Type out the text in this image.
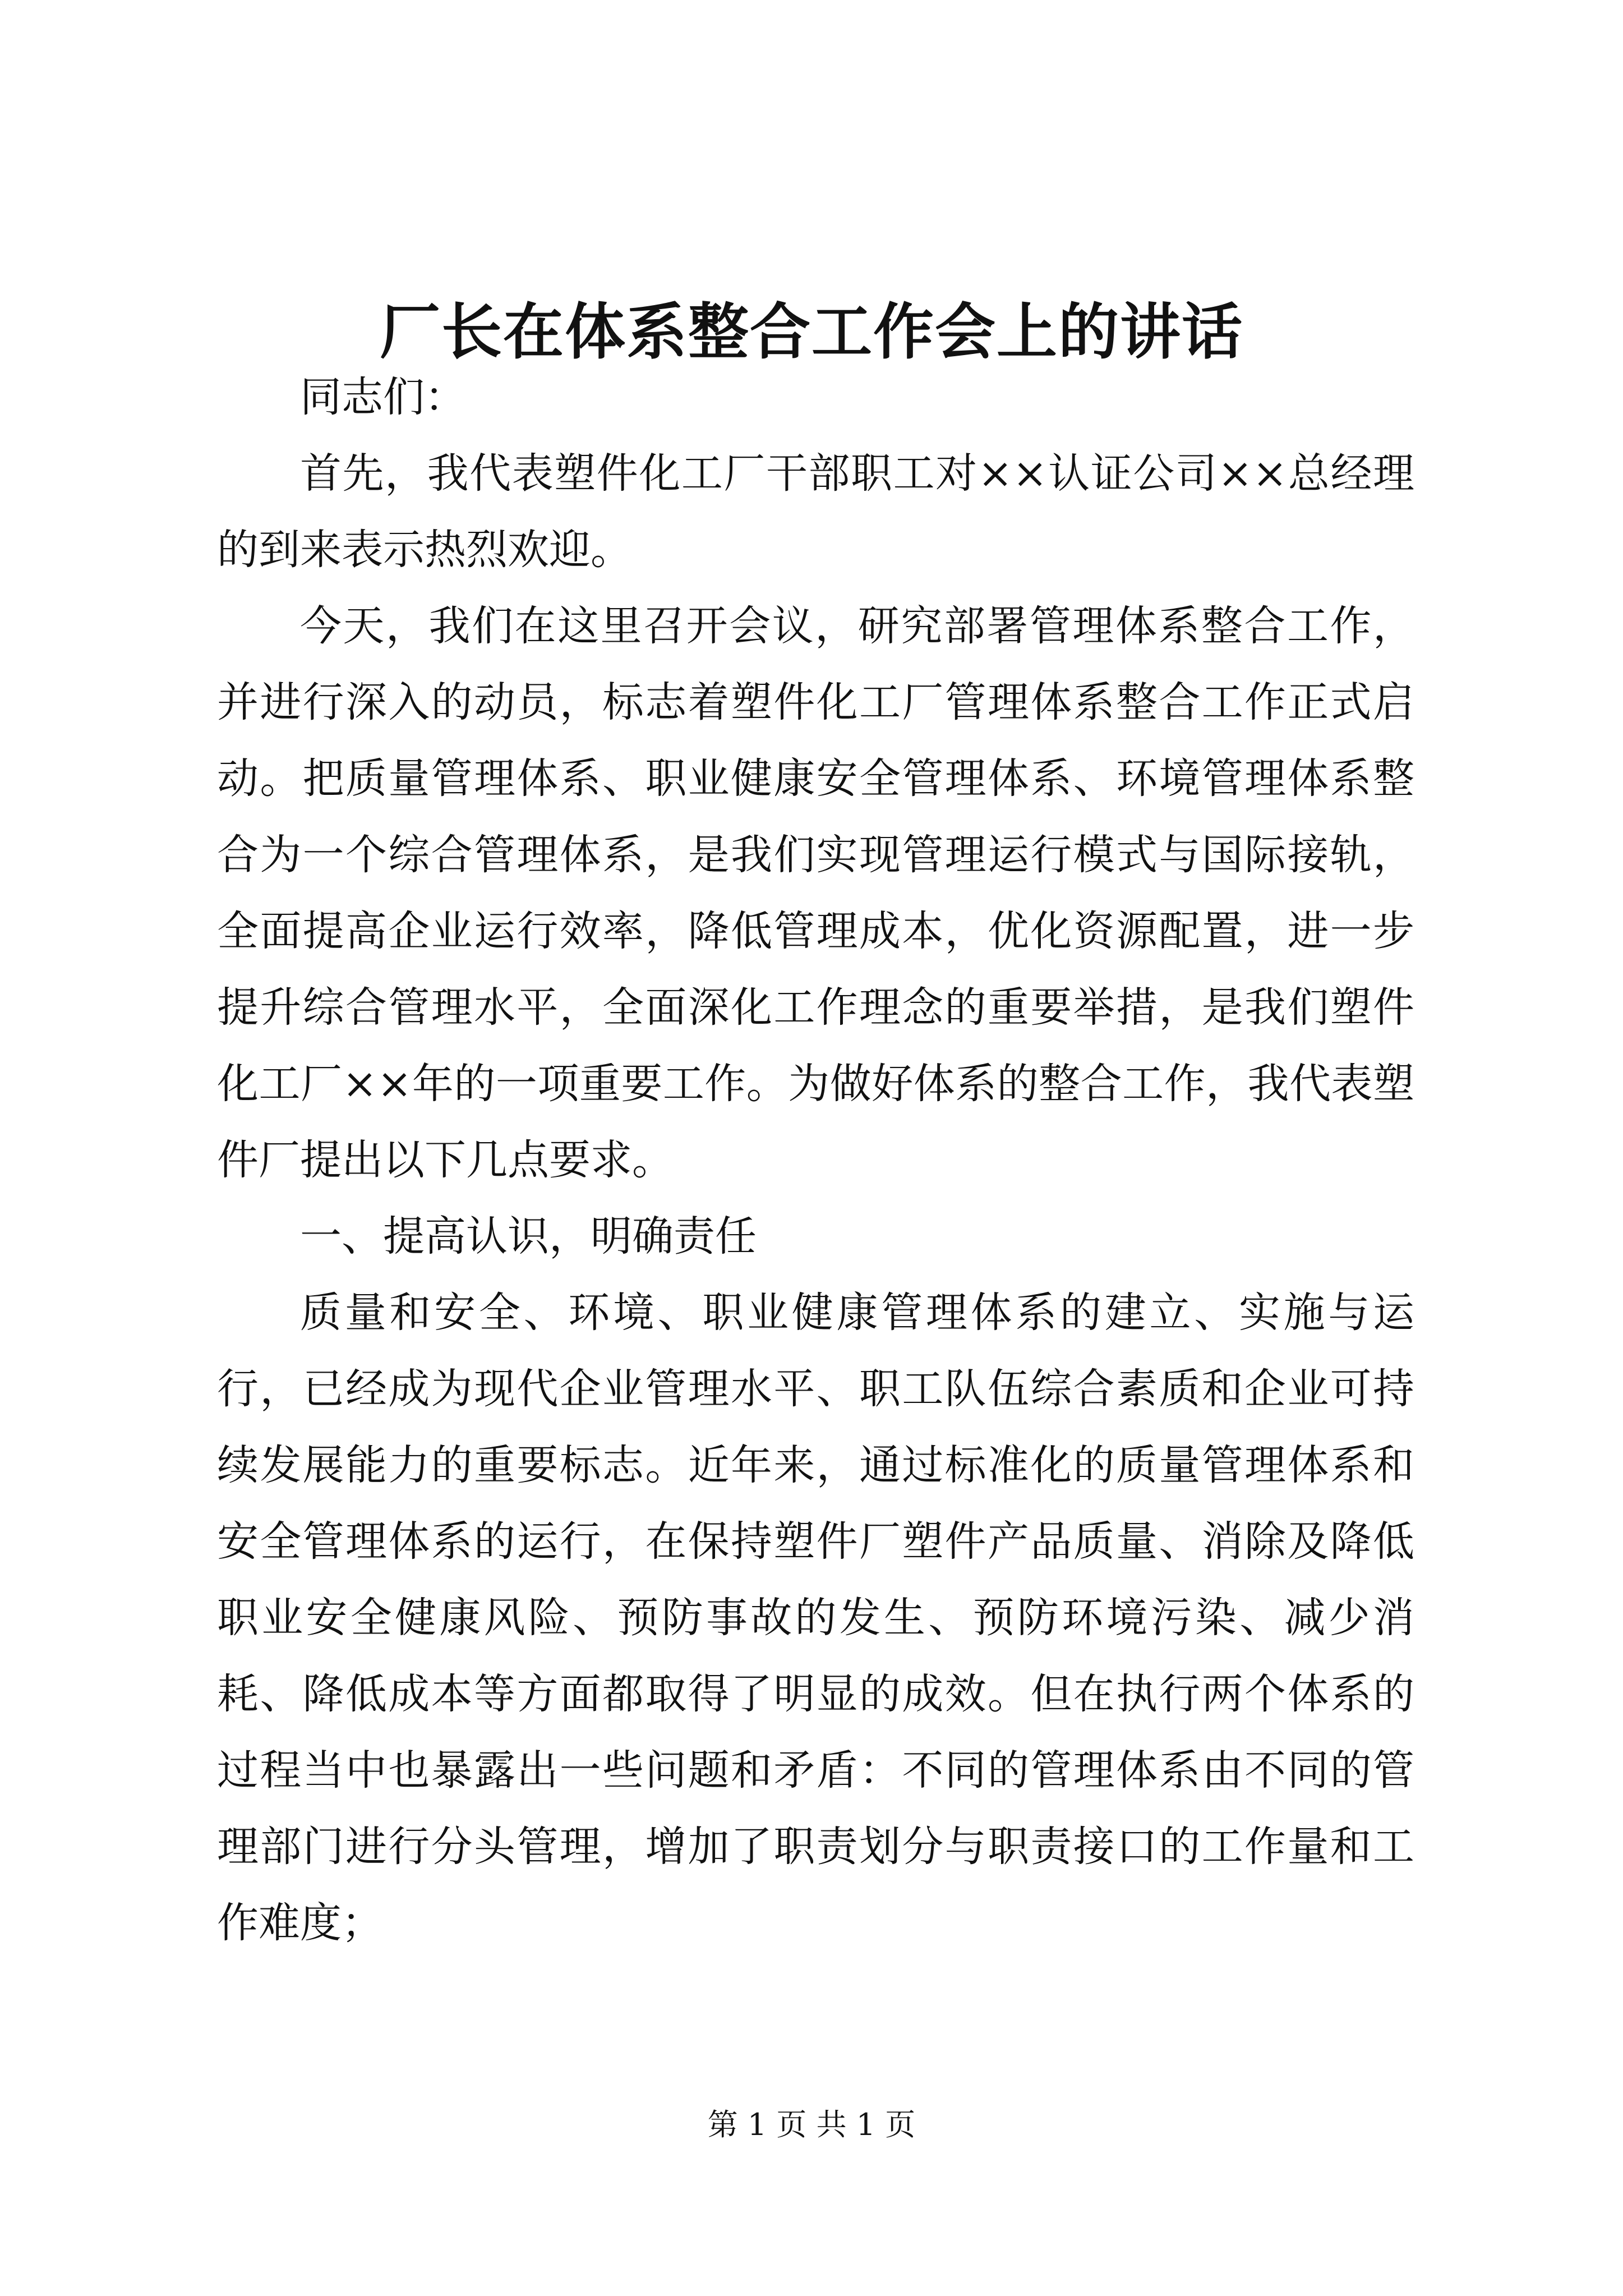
厂长在体系整合工作会上的讲话

同志们：

首先，我代表塑件化工厂干部职工对××认证公司××总经理的到来表示热烈欢迎。

今天，我们在这里召开会议，研究部署管理体系整合工作，并进行深入的动员，标志着塑件化工厂管理体系整合工作正式启动。把质量管理体系、职业健康安全管理体系、环境管理体系整合为一个综合管理体系，是我们实现管理运行模式与国际接轨，全面提高企业运行效率，降低管理成本，优化资源配置，进一步提升综合管理水平，全面深化工作理念的重要举措，是我们塑件化工厂××年的一项重要工作。为做好体系的整合工作，我代表塑件厂提出以下几点要求。

一、提高认识，明确责任

质量和安全、环境、职业健康管理体系的建立、实施与运行，已经成为现代企业管理水平、职工队伍综合素质和企业可持续发展能力的重要标志。近年来，通过标准化的质量管理体系和安全管理体系的运行，在保持塑件厂塑件产品质量、消除及降低职业安全健康风险、预防事故的发生、预防环境污染、减少消耗、降低成本等方面都取得了明显的成效。但在执行两个体系的过程当中也暴露出一些问题和矛盾：不同的管理体系由不同的管理部门进行分头管理，增加了职责划分与职责接口的工作量和工作难度；

第 1 页 共 1 页
